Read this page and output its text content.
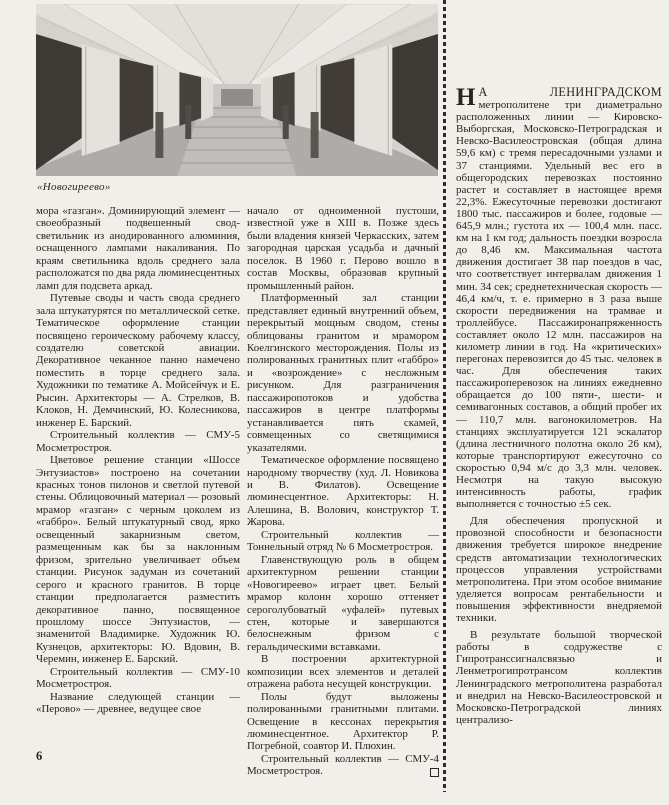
«Новогиреево»

мора «газган». Доминирующий элемент — своеобразный подвешенный свод-светильник из анодированного алюминия, оснащенного лампами накаливания. По краям светильника вдоль среднего зала расположатся по два ряда люминесцентных ламп для подсвета аркад.

Путевые своды и часть свода среднего зала штукатурятся по металлической сетке. Тематическое оформление станции посвящено героическому рабочему классу, создателю советской авиации. Декоративное чеканное панно намечено поместить в торце среднего зала. Художники по тематике А. Мойсейчук и Е. Рысин. Архитекторы — А. Стрелков, В. Клоков, Н. Демчинский, Ю. Колесникова, инженер Е. Барский.

Строительный коллектив — СМУ-5 Мосметростроя.

Цветовое решение станции «Шоссе Энтузиастов» построено на сочетании красных тонов пилонов и светлой путевой стены. Облицовочный материал — розовый мрамор «газган» с черным цоколем из «габбро». Белый штукатурный свод, ярко освещенный закарнизным светом, размещенным как бы за наклонным фризом, зрительно увеличивает объем станции. Рисунок задуман из сочетаний серого и красного гранитов. В торце станции предполагается разместить декоративное панно, посвященное прошлому шоссе Энтузиастов, — знаменитой Владимирке. Художник Ю. Кузнецов, архитекторы: Ю. Вдовин, В. Черемин, инженер Е. Барский.

Строительный коллектив — СМУ-10 Мосметростроя.

Название следующей станции — «Перово» — древнее, ведущее свое

начало от одноименной пустоши, известной уже в XIII в. Позже здесь были владения князей Черкасских, затем загородная царская усадьба и дачный поселок. В 1960 г. Перово вошло в состав Москвы, образовав крупный промышленный район.

Платформенный зал станции представляет единый внутренний объем, перекрытый мощным сводом, стены облицованы гранитом и мрамором Коелгинского месторождения. Полы из полированных гранитных плит «габбро» и «возрождение» с несложным рисунком. Для разграничения пассажиропотоков и удобства пассажиров в центре платформы устанавливается пять скамей, совмещенных со светящимися указателями.

Тематическое оформление посвящено народному творчеству (худ. Л. Новикова и В. Филатов). Освещение люминесцентное. Архитекторы: Н. Алешина, В. Волович, конструктор Т. Жарова.

Строительный коллектив — Тоннельный отряд № 6 Мосметростроя.

Главенствующую роль в общем архитектурном решении станции «Новогиреево» играет цвет. Белый мрамор колонн хорошо оттеняет сероголубоватый «уфалей» путевых стен, которые и завершаются белоснежным фризом с геральдическими вставками.

В построении архитектурной композиции всех элементов и деталей отражена работа несущей конструкции.

Полы будут выложены полированными гранитными плитами. Освещение в кессонах перекрытия люминесцентное. Архитектор Р. Погребной, соавтор И. Плюхин.

Строительный коллектив — СМУ-4 Мосметростроя.

Н А ЛЕНИНГРАДСКОМ метрополитене три диаметрально расположенных линии — Кировско-Выборгская, Московско-Петроградская и Невско-Василеостровская (общая длина 59,6 км) с тремя пересадочными узлами и 37 станциями. Удельный вес его в общегородских перевозках постоянно растет и составляет в настоящее время 22,3%. Ежесуточные перевозки достигают 1800 тыс. пассажиров и более, годовые — 645,9 млн.; густота их — 100,4 млн. пасс. км на 1 км год; дальность поездки возросла до 8,46 км. Максимальная частота движения достигает 38 пар поездов в час, что соответствует интервалам движения 1 мин. 34 сек; среднетехническая скорость — 46,4 км/ч, т. е. примерно в 3 раза выше скорости передвижения на трамвае и троллейбусе. Пассажиронапряженность составляет около 12 млн. пассажиров на километр линии в год. На «критических» перегонах перевозится до 45 тыс. человек в час. Для обеспечения таких пассажироперевозок на линиях ежедневно обращается до 100 пяти-, шести- и семивагонных составов, а общий пробег их — 110,7 млн. вагонокилометров. На станциях эксплуатируется 121 эскалатор (длина лестничного полотна около 26 км), которые транспортируют ежесуточно со скоростью 0,94 м/с до 3,3 млн. человек. Несмотря на такую высокую интенсивность работы, график выполняется с точностью ±5 сек.

Для обеспечения пропускной и провозной способности и безопасности движения требуется широкое внедрение средств автоматизации технологических процессов управления устройствами метрополитена. При этом особое внимание уделяется вопросам рентабельности и повышения эффективности внедряемой техники.

В результате большой творческой работы в содружестве с Гипротранссигналсвязью и Ленметрогипротрансом коллектив Ленинградского метрополитена разработал и внедрил на Невско-Василеостровской и Московско-Петроградской линиях централизо-

6
